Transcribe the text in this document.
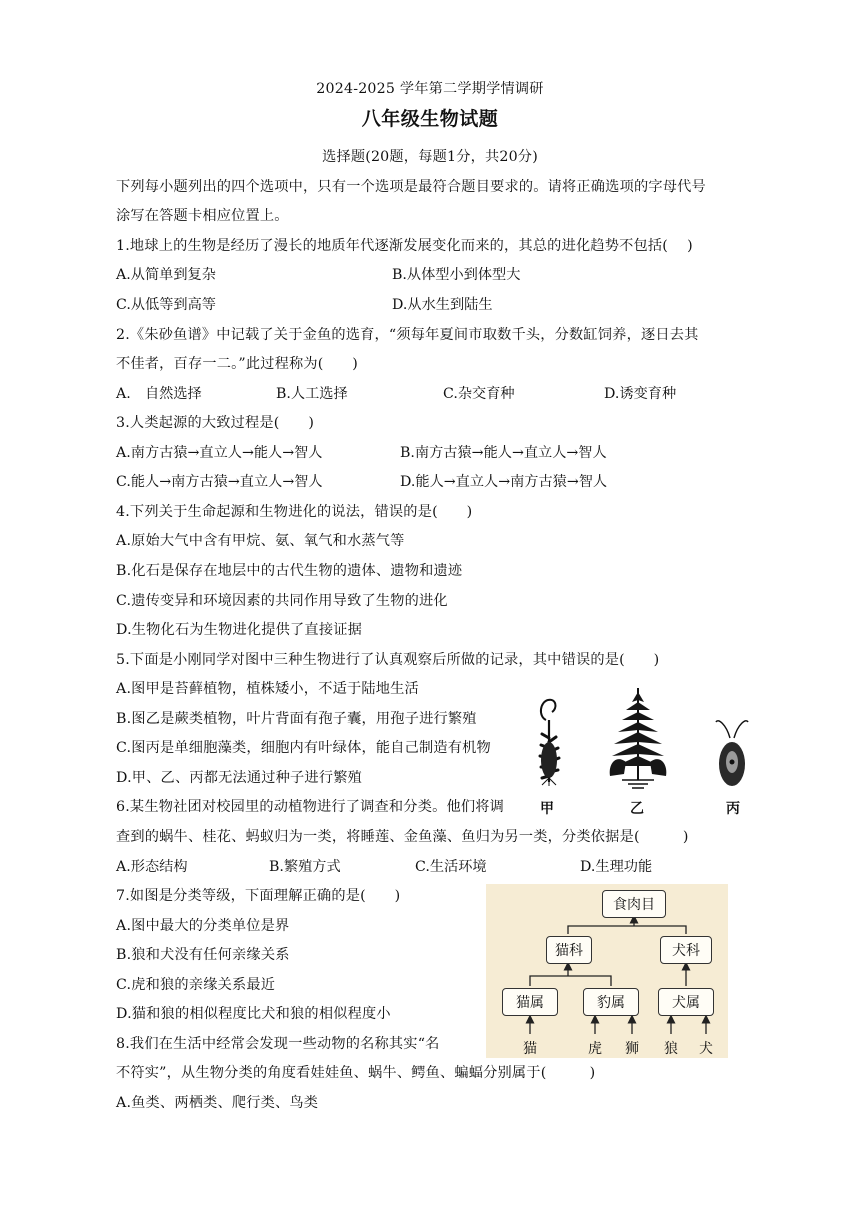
2024-2025 学年第二学期学情调研
八年级生物试题
选择题(20题，每题1分，共20分)
下列每小题列出的四个选项中，只有一个选项是最符合题目要求的。请将正确选项的字母代号
涂写在答题卡相应位置上。
1.地球上的生物是经历了漫长的地质年代逐渐发展变化而来的，其总的进化趋势不包括(　 )
A.从简单到复杂	B.从体型小到体型大
C.从低等到高等	D.从水生到陆生
2.《朱砂鱼谱》中记载了关于金鱼的选育，“须每年夏间市取数千头，分数缸饲养，逐日去其
不佳者，百存一二。”此过程称为(　　)
A.　自然选择	B.人工选择	C.杂交育种	D.诱变育种
3.人类起源的大致过程是(　　)
A.南方古猿→直立人→能人→智人	B.南方古猿→能人→直立人→智人
C.能人→南方古猿→直立人→智人	D.能人→直立人→南方古猿→智人
4.下列关于生命起源和生物进化的说法，错误的是(　　)
A.原始大气中含有甲烷、氨、氧气和水蒸气等
B.化石是保存在地层中的古代生物的遗体、遗物和遗迹
C.遗传变异和环境因素的共同作用导致了生物的进化
D.生物化石为生物进化提供了直接证据
5.下面是小刚同学对图中三种生物进行了认真观察后所做的记录，其中错误的是(　　)
A.图甲是苔藓植物，植株矮小，不适于陆地生活
B.图乙是蕨类植物，叶片背面有孢子囊，用孢子进行繁殖
C.图丙是单细胞藻类，细胞内有叶绿体，能自己制造有机物
D.甲、乙、丙都无法通过种子进行繁殖
甲	乙	丙
6.某生物社团对校园里的动植物进行了调查和分类。他们将调
查到的蜗牛、桂花、蚂蚁归为一类，将睡莲、金鱼藻、鱼归为另一类，分类依据是(　　　)
A.形态结构	B.繁殖方式	C.生活环境	D.生理功能
7.如图是分类等级，下面理解正确的是(　　)
A.图中最大的分类单位是界
B.狼和犬没有任何亲缘关系
C.虎和狼的亲缘关系最近
D.猫和狼的相似程度比犬和狼的相似程度小
食肉目
猫科	犬科
猫属	豹属	犬属
猫	虎	狮	狼	犬
8.我们在生活中经常会发现一些动物的名称其实“名
不符实”，从生物分类的角度看娃娃鱼、蜗牛、鳄鱼、蝙蝠分别属于(　　　)
A.鱼类、两栖类、爬行类、鸟类
